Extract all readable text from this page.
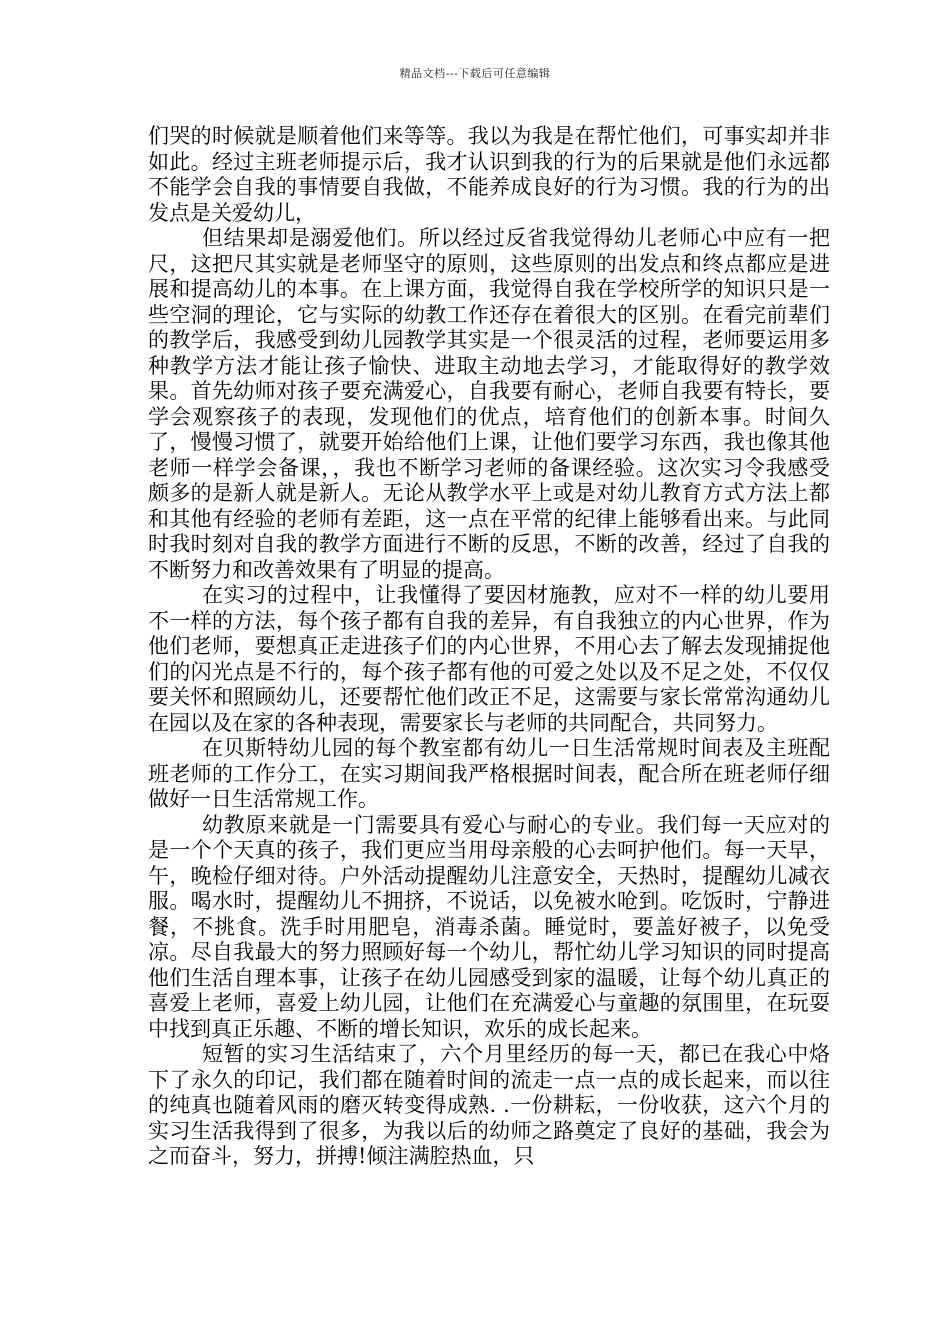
精品文档---下载后可任意编辑

们哭的时候就是顺着他们来等等。我以为我是在帮忙他们，可事实却并非如此。经过主班老师提示后，我才认识到我的行为的后果就是他们永远都不能学会自我的事情要自我做，不能养成良好的行为习惯。我的行为的出发点是关爱幼儿，

但结果却是溺爱他们。所以经过反省我觉得幼儿老师心中应有一把尺，这把尺其实就是老师坚守的原则，这些原则的出发点和终点都应是进展和提高幼儿的本事。在上课方面，我觉得自我在学校所学的知识只是一些空洞的理论，它与实际的幼教工作还存在着很大的区别。在看完前辈们的教学后，我感受到幼儿园教学其实是一个很灵活的过程，老师要运用多种教学方法才能让孩子愉快、进取主动地去学习，才能取得好的教学效果。首先幼师对孩子要充满爱心，自我要有耐心，老师自我要有特长，要学会观察孩子的表现，发现他们的优点，培育他们的创新本事。时间久了，慢慢习惯了，就要开始给他们上课，让他们要学习东西，我也像其他老师一样学会备课，，我也不断学习老师的备课经验。这次实习令我感受颇多的是新人就是新人。无论从教学水平上或是对幼儿教育方式方法上都和其他有经验的老师有差距，这一点在平常的纪律上能够看出来。与此同时我时刻对自我的教学方面进行不断的反思，不断的改善，经过了自我的不断努力和改善效果有了明显的提高。

在实习的过程中，让我懂得了要因材施教，应对不一样的幼儿要用不一样的方法，每个孩子都有自我的差异，有自我独立的内心世界，作为他们老师，要想真正走进孩子们的内心世界，不用心去了解去发现捕捉他们的闪光点是不行的，每个孩子都有他的可爱之处以及不足之处，不仅仅要关怀和照顾幼儿，还要帮忙他们改正不足，这需要与家长常常沟通幼儿在园以及在家的各种表现，需要家长与老师的共同配合，共同努力。

在贝斯特幼儿园的每个教室都有幼儿一日生活常规时间表及主班配班老师的工作分工，在实习期间我严格根据时间表，配合所在班老师仔细做好一日生活常规工作。

幼教原来就是一门需要具有爱心与耐心的专业。我们每一天应对的是一个个天真的孩子，我们更应当用母亲般的心去呵护他们。每一天早，午，晚检仔细对待。户外活动提醒幼儿注意安全，天热时，提醒幼儿减衣服。喝水时，提醒幼儿不拥挤，不说话，以免被水呛到。吃饭时，宁静进餐，不挑食。洗手时用肥皂，消毒杀菌。睡觉时，要盖好被子，以免受凉。尽自我最大的努力照顾好每一个幼儿，帮忙幼儿学习知识的同时提高他们生活自理本事，让孩子在幼儿园感受到家的温暖，让每个幼儿真正的喜爱上老师，喜爱上幼儿园，让他们在充满爱心与童趣的氛围里，在玩耍中找到真正乐趣、不断的增长知识，欢乐的成长起来。

短暂的实习生活结束了，六个月里经历的每一天，都已在我心中烙下了永久的印记，我们都在随着时间的流走一点一点的成长起来，而以往的纯真也随着风雨的磨灭转变得成熟. .一份耕耘，一份收获，这六个月的实习生活我得到了很多，为我以后的幼师之路奠定了良好的基础，我会为之而奋斗，努力，拼搏!倾注满腔热血，只
